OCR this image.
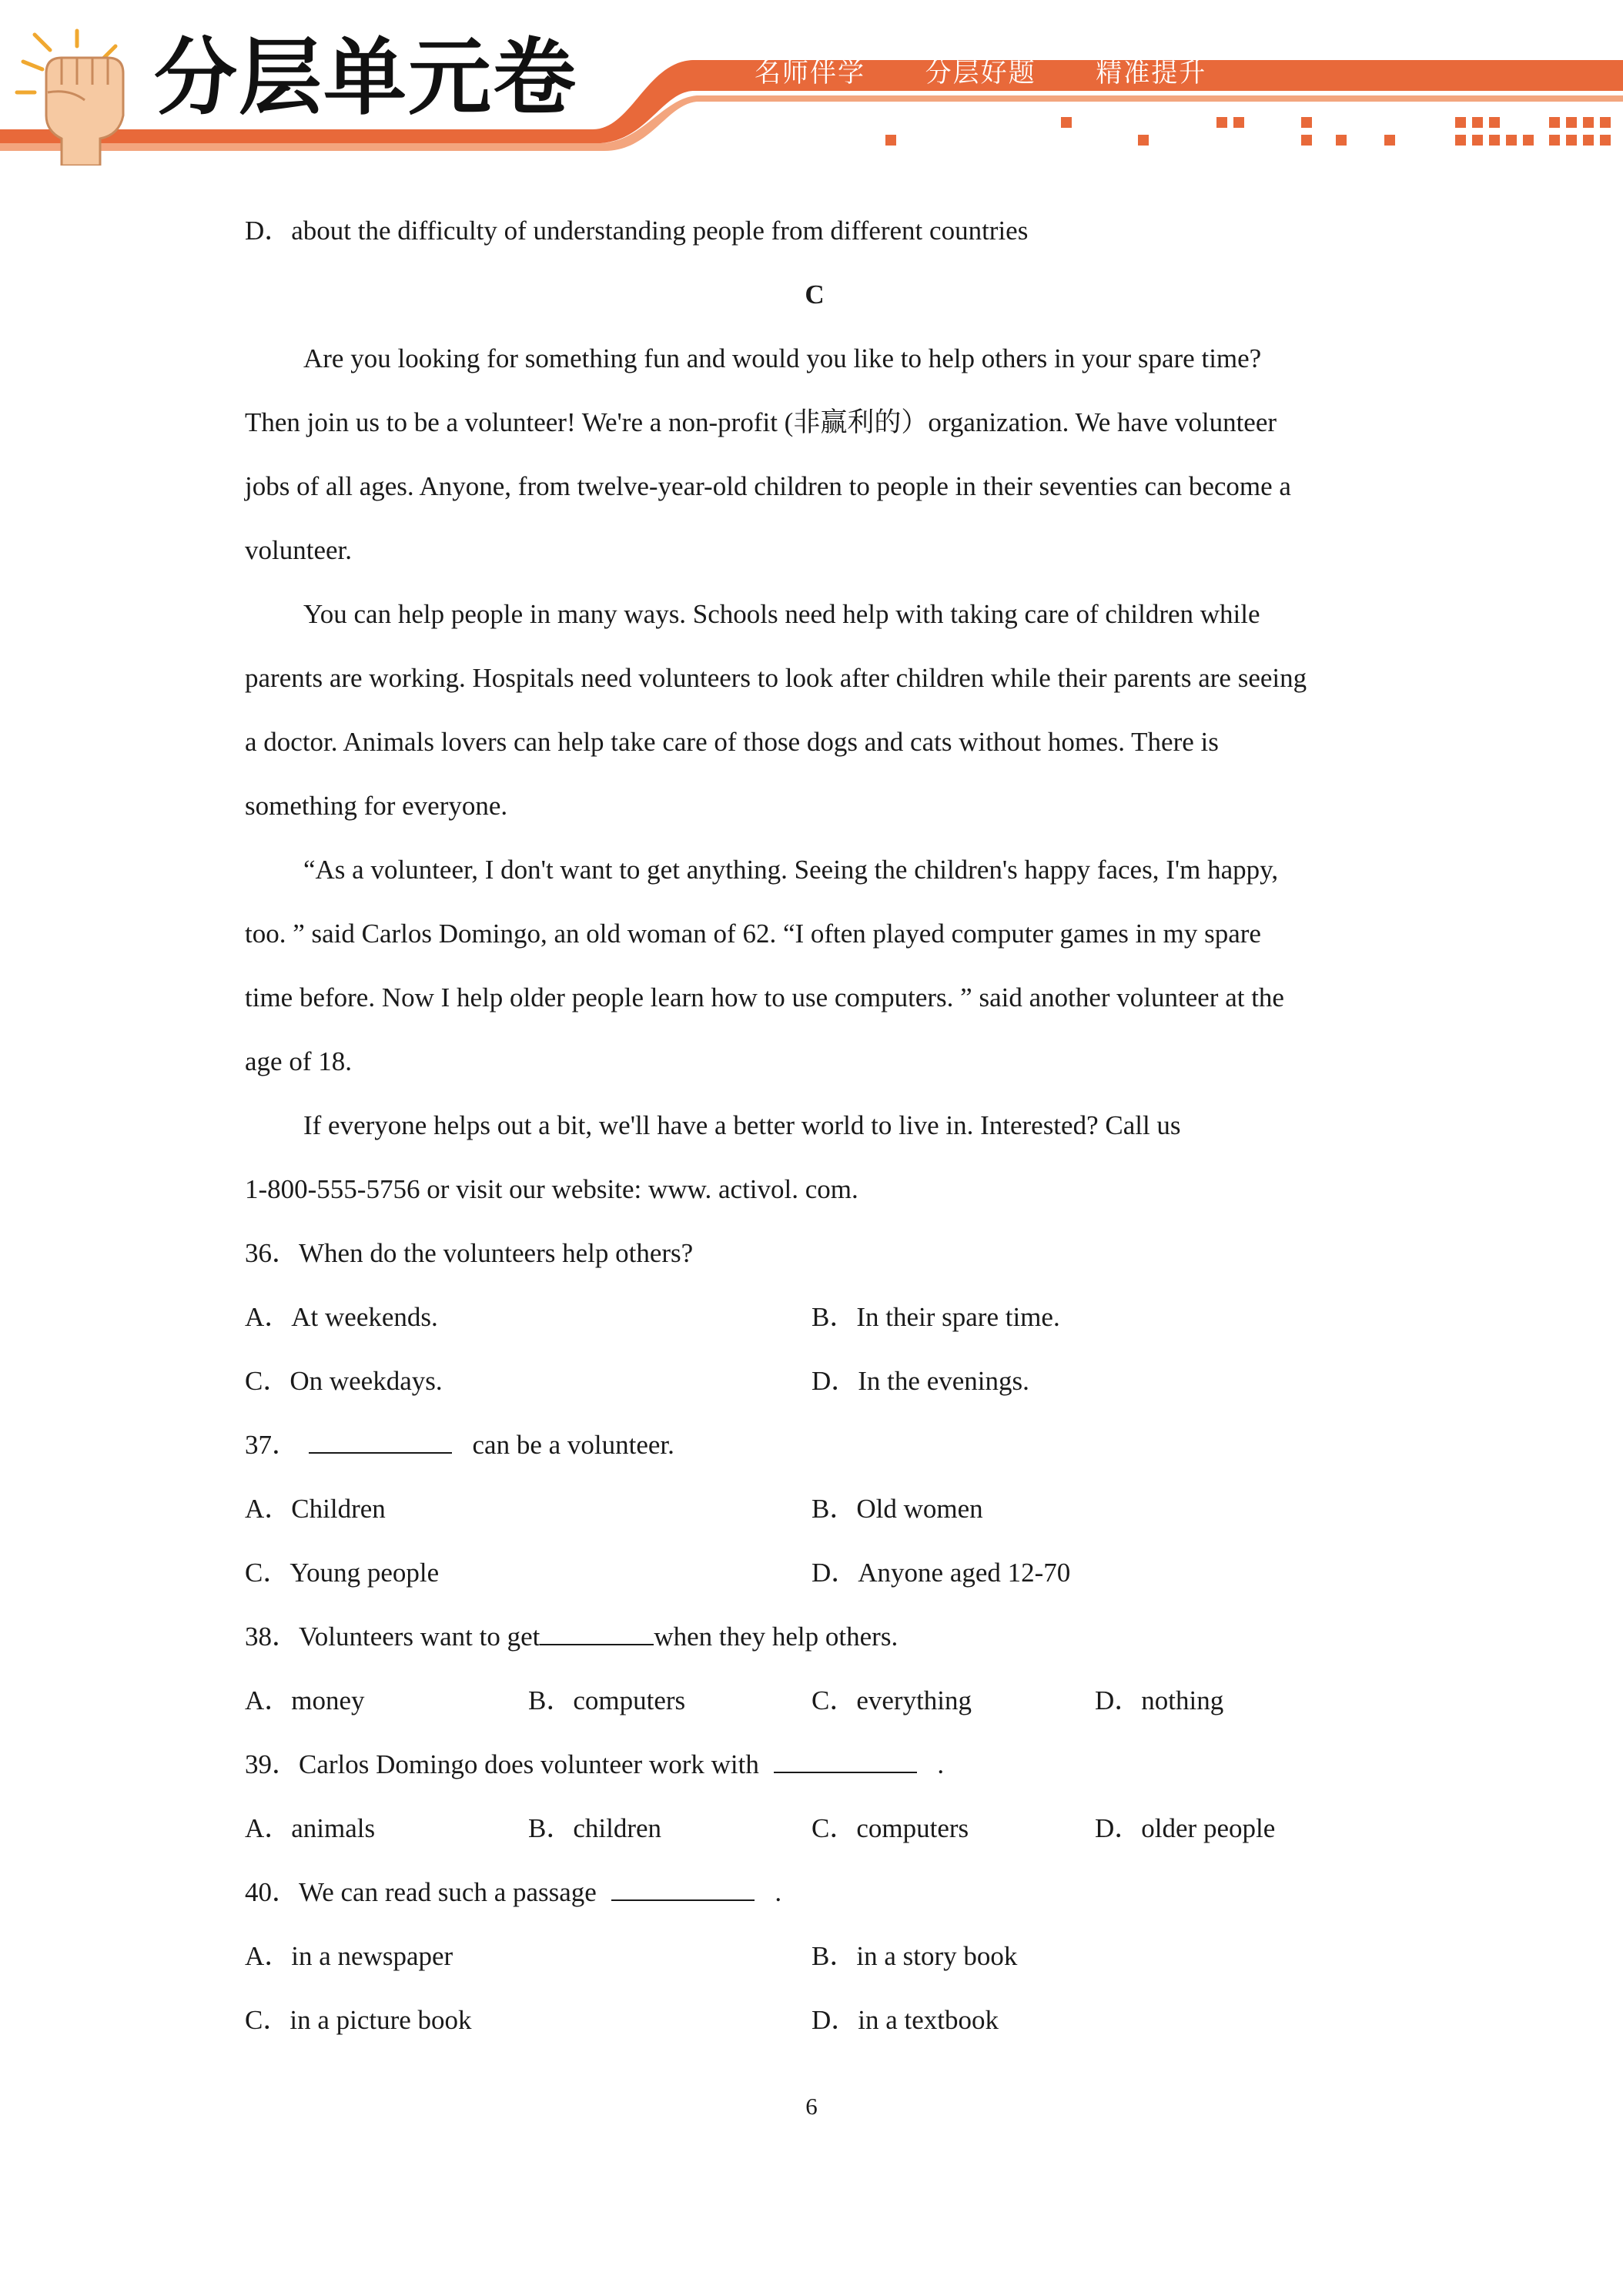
分层单元卷	名师伴学  分层好题  精准提升
D．about the difficulty of understanding people from different countries
C
Are you looking for something fun and would you like to help others in your spare time?
Then join us to be a volunteer! We're a non-profit (非赢利的）organization. We have volunteer
jobs of all ages. Anyone, from twelve-year-old children to people in their seventies can become a
volunteer.
You can help people in many ways. Schools need help with taking care of children while
parents are working. Hospitals need volunteers to look after children while their parents are seeing
a doctor. Animals lovers can help take care of those dogs and cats without homes. There is
something for everyone.
“As a volunteer, I don't want to get anything. Seeing the children's happy faces, I'm happy,
too. ” said Carlos Domingo, an old woman of 62. “I often played computer games in my spare
time before. Now I help older people learn how to use computers. ” said another volunteer at the
age of 18.
If everyone helps out a bit, we'll have a better world to live in. Interested? Call us
1-800-555-5756 or visit our website: www. activol. com.
36．When do the volunteers help others?
A．At weekends.	B．In their spare time.
C．On weekdays.	D．In the evenings.
37．	can be a volunteer.
A．Children	B．Old women
C．Young people	D．Anyone aged 12-70
38．Volunteers want to get	when they help others.
A．money	B．computers	C．everything	D．nothing
39．Carlos Domingo does volunteer work with	.
A．animals	B．children	C．computers	D．older people
40．We can read such a passage	.
A．in a newspaper	B．in a story book
C．in a picture book	D．in a textbook
6
